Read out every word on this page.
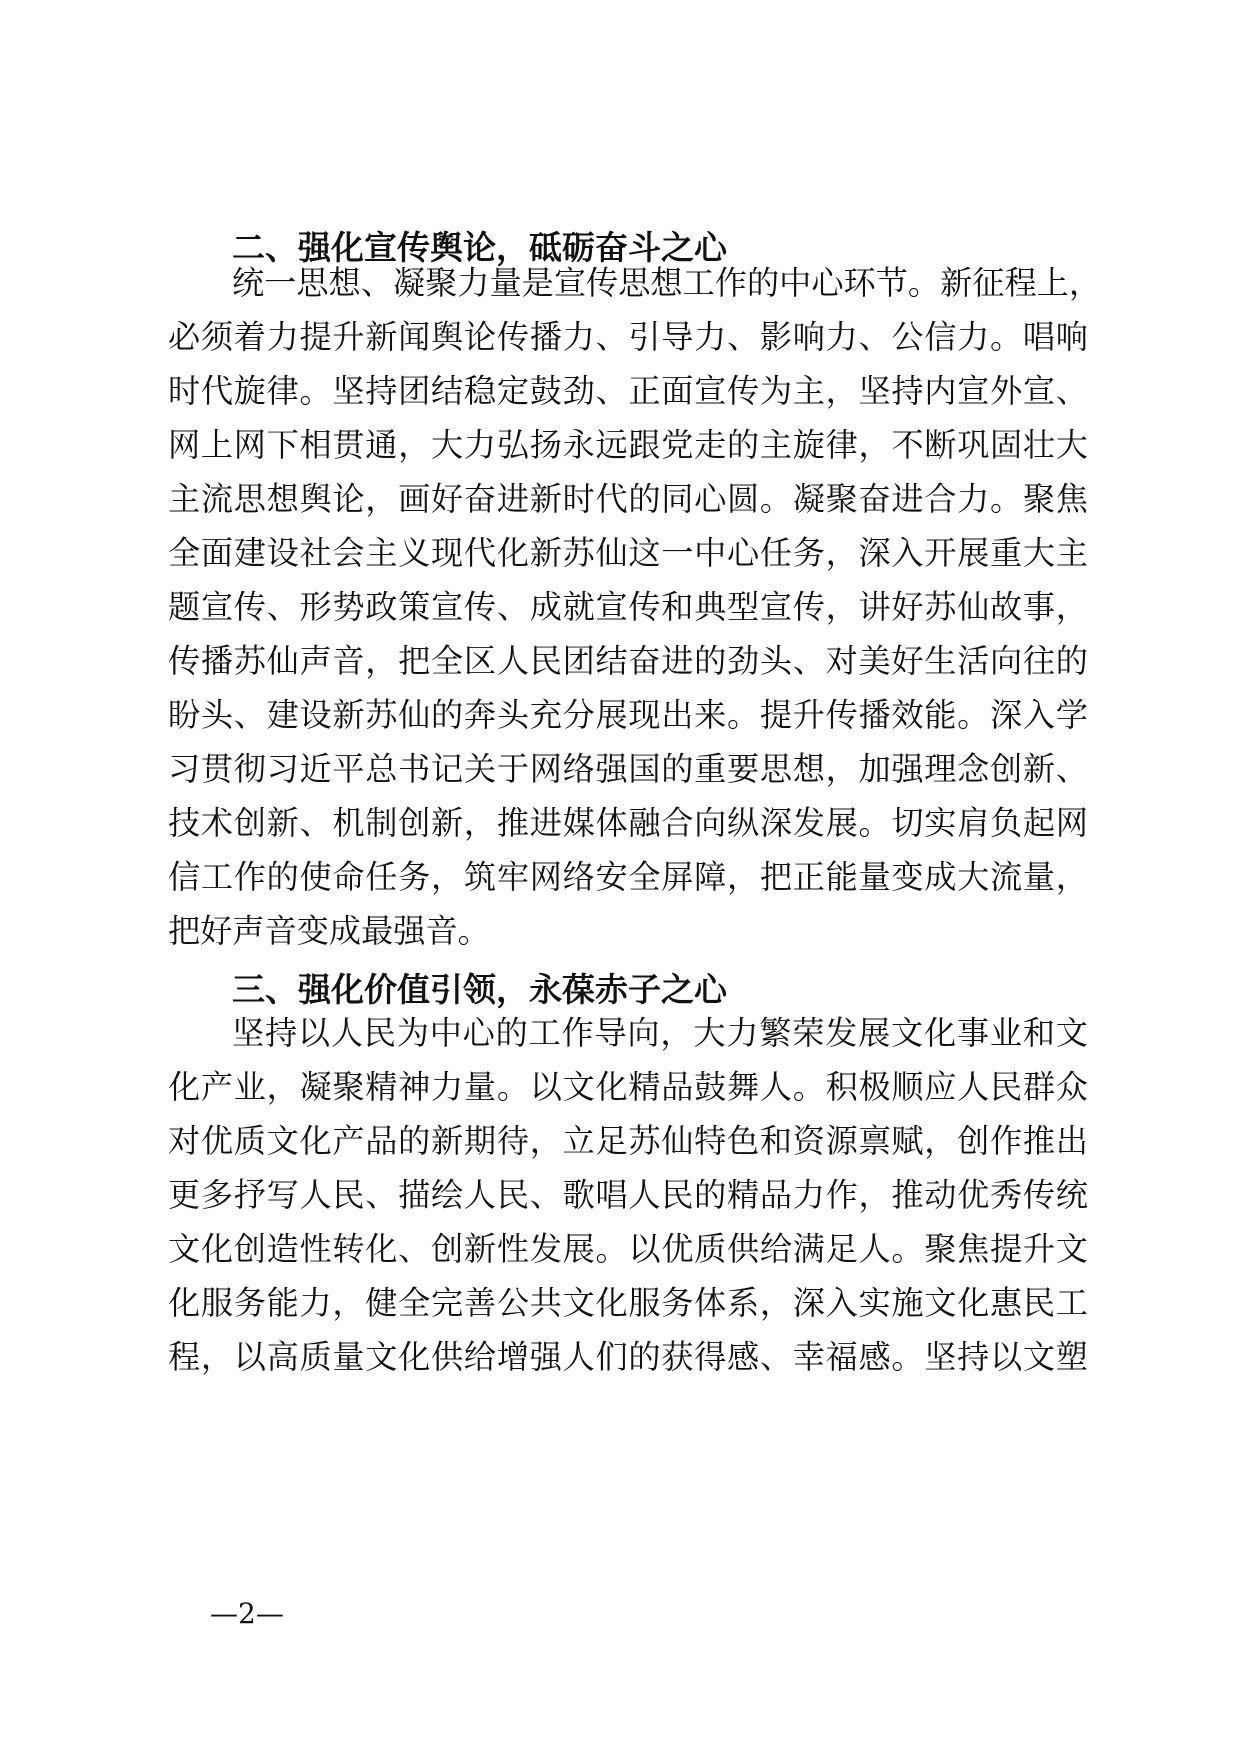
二、强化宣传舆论，砥砺奋斗之心
统一思想、凝聚力量是宣传思想工作的中心环节。新征程上，
必须着力提升新闻舆论传播力、引导力、影响力、公信力。唱响
时代旋律。坚持团结稳定鼓劲、正面宣传为主，坚持内宣外宣、
网上网下相贯通，大力弘扬永远跟党走的主旋律，不断巩固壮大
主流思想舆论，画好奋进新时代的同心圆。凝聚奋进合力。聚焦
全面建设社会主义现代化新苏仙这一中心任务，深入开展重大主
题宣传、形势政策宣传、成就宣传和典型宣传，讲好苏仙故事，
传播苏仙声音，把全区人民团结奋进的劲头、对美好生活向往的
盼头、建设新苏仙的奔头充分展现出来。提升传播效能。深入学
习贯彻习近平总书记关于网络强国的重要思想，加强理念创新、
技术创新、机制创新，推进媒体融合向纵深发展。切实肩负起网
信工作的使命任务，筑牢网络安全屏障，把正能量变成大流量，
把好声音变成最强音。
三、强化价值引领，永葆赤子之心
坚持以人民为中心的工作导向，大力繁荣发展文化事业和文
化产业，凝聚精神力量。以文化精品鼓舞人。积极顺应人民群众
对优质文化产品的新期待，立足苏仙特色和资源禀赋，创作推出
更多抒写人民、描绘人民、歌唱人民的精品力作，推动优秀传统
文化创造性转化、创新性发展。以优质供给满足人。聚焦提升文
化服务能力，健全完善公共文化服务体系，深入实施文化惠民工
程，以高质量文化供给增强人们的获得感、幸福感。坚持以文塑
—2—
